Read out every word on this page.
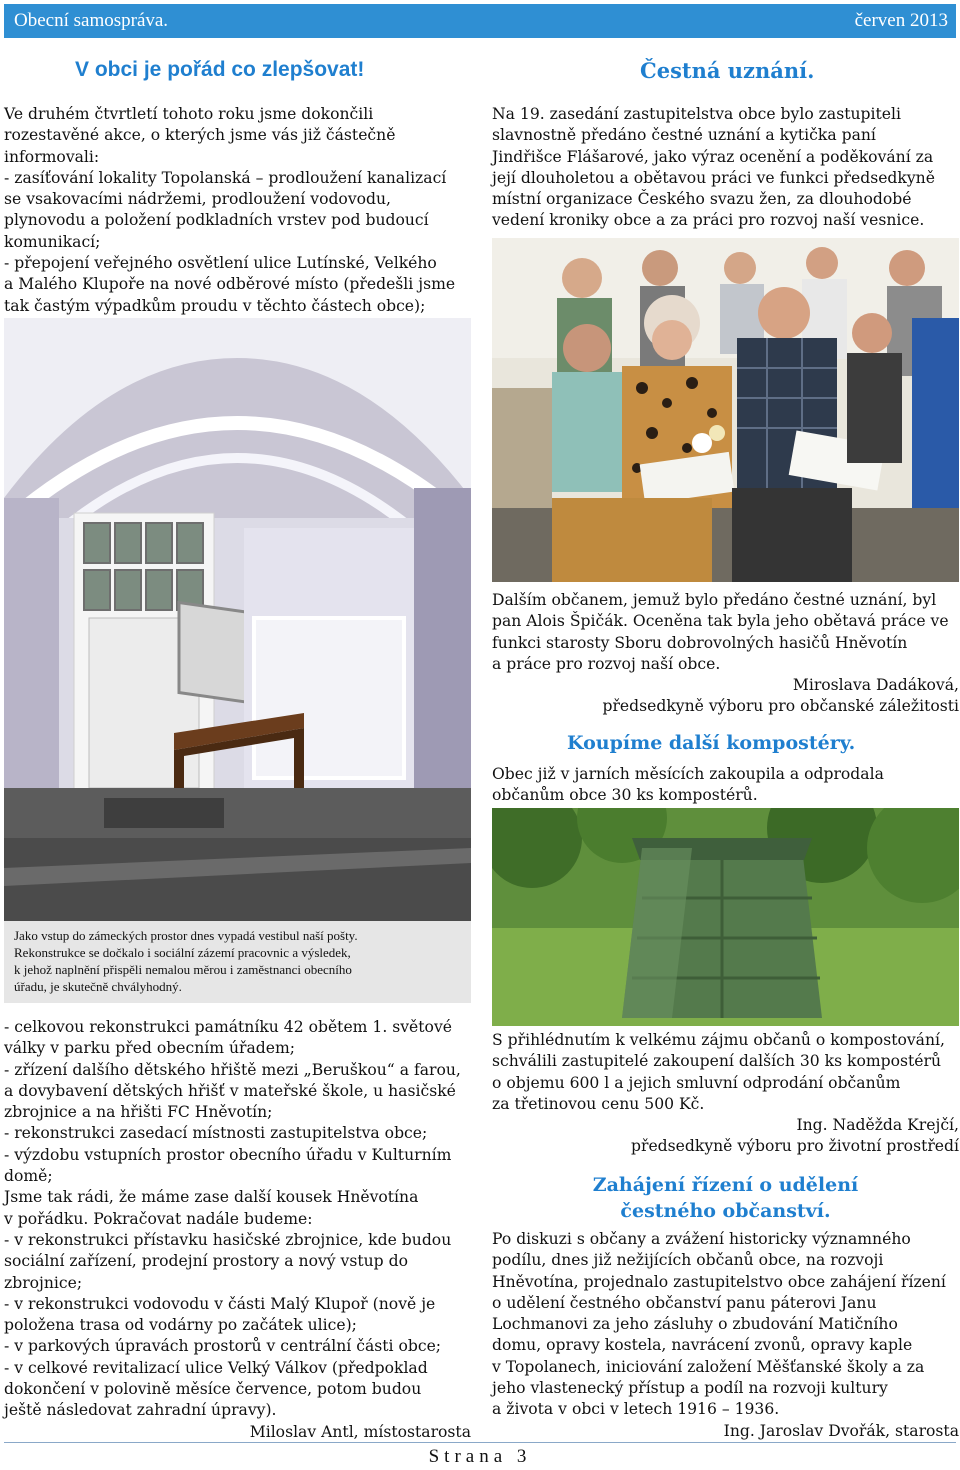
Obecní samospráva.	červen 2013
V obci je pořád co zlepšovat!
Ve druhém čtvrtletí tohoto roku jsme dokončili
rozestavěné akce, o kterých jsme vás již částečně
informovali:
- zasíťování lokality Topolanská – prodloužení kanalizací
se vsakovacími nádržemi, prodloužení vodovodu,
plynovodu a položení podkladních vrstev pod budoucí
komunikací;
- přepojení veřejného osvětlení ulice Lutínské, Velkého
a Malého Klupoře na nové odběrové místo (předešli jsme
tak častým výpadkům proudu v těchto částech obce);
Jako vstup do zámeckých prostor dnes vypadá vestibul naší pošty.
Rekonstrukce se dočkalo i sociální zázemí pracovnic a výsledek,
k jehož naplnění přispěli nemalou měrou i zaměstnanci obecního
úřadu, je skutečně chvályhodný.
- celkovou rekonstrukci památníku 42 obětem 1. světové
války v parku před obecním úřadem;
- zřízení dalšího dětského hřiště mezi „Beruškou“ a farou,
a dovybavení dětských hřišť v mateřské škole, u hasičské
zbrojnice a na hřišti FC Hněvotín;
- rekonstrukci zasedací místnosti zastupitelstva obce;
- výzdobu vstupních prostor obecního úřadu v Kulturním
domě;
Jsme tak rádi, že máme zase další kousek Hněvotína
v pořádku. Pokračovat nadále budeme:
- v rekonstrukci přístavku hasičské zbrojnice, kde budou
sociální zařízení, prodejní prostory a nový vstup do
zbrojnice;
- v rekonstrukci vodovodu v části Malý Klupoř (nově je
položena trasa od vodárny po začátek ulice);
- v parkových úpravách prostorů v centrální části obce;
- v celkové revitalizací ulice Velký Válkov (předpoklad
dokončení v polovině měsíce července, potom budou
ještě následovat zahradní úpravy).
Miloslav Antl, místostarosta
Čestná uznání.
Na 19. zasedání zastupitelstva obce bylo zastupiteli
slavnostně předáno čestné uznání a kytička paní
Jindřišce Flášarové, jako výraz ocenění a poděkování za
její dlouholetou a obětavou práci ve funkci předsedkyně
místní organizace Českého svazu žen, za dlouhodobé
vedení kroniky obce a za práci pro rozvoj naší vesnice.
Dalším občanem, jemuž bylo předáno čestné uznání, byl
pan Alois Špičák. Oceněna tak byla jeho obětavá práce ve
funkci starosty Sboru dobrovolných hasičů Hněvotín
a práce pro rozvoj naší obce.
Miroslava Dadáková,
předsedkyně výboru pro občanské záležitosti
Koupíme další kompostéry.
Obec již v jarních měsících zakoupila a odprodala
občanům obce 30 ks kompostérů.
S přihlédnutím k velkému zájmu občanů o kompostování,
schválili zastupitelé zakoupení dalších 30 ks kompostérů
o objemu 600 l a jejich smluvní odprodání občanům
za třetinovou cenu 500 Kč.
Ing. Naděžda Krejčí,
předsedkyně výboru pro životní prostředí
Zahájení řízení o udělení
čestného občanství.
Po diskuzi s občany a zvážení historicky významného
podílu, dnes již nežijících občanů obce, na rozvoji
Hněvotína, projednalo zastupitelstvo obce zahájení řízení
o udělení čestného občanství panu páterovi Janu
Lochmanovi za jeho zásluhy o zbudování Matičního
domu, opravy kostela, navrácení zvonů, opravy kaple
v Topolanech, iniciování založení Měšťanské školy a za
jeho vlastenecký přístup a podíl na rozvoji kultury
a života v obci v letech 1916 – 1936.
Ing. Jaroslav Dvořák, starosta
Strana 3
